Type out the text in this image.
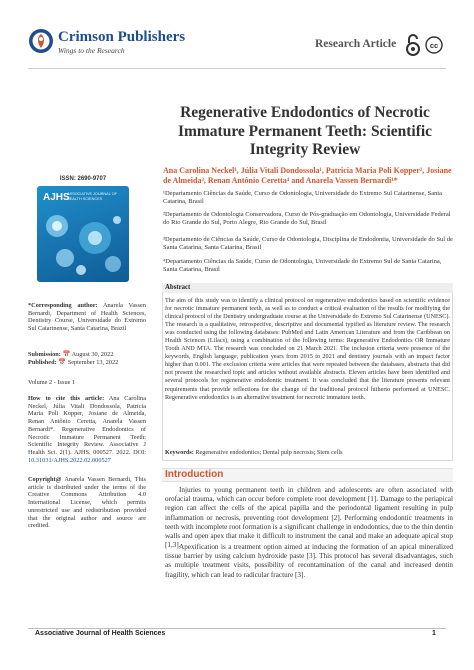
Crimson Publishers
Wings to the Research
Research Article	cc
Regenerative Endodontics of Necrotic Immature Permanent Teeth: Scientific Integrity Review
Ana Carolina Neckel¹, Júlia Vitali Dondossola¹, Patricia Maria Poli Kopper², Josiane de Almeida³, Renan Antônio Ceretta⁴ and Anarela Vassen Bernardi¹*
¹Departamento Ciências da Saúde, Curso de Odontologia, Universidade do Extremo Sul Catarinense, Santa Catarina, Brasil
²Departamento de Odontologia Conservadora, Curso de Pós-graduação em Odontologia, Universidade Federal do Rio Grande do Sul, Porto Alegre, Rio Grande do Sul, Brasil
³Departamento de Ciências da Saúde, Curso de Odontologia, Disciplina de Endodontia, Universidade do Sul de Santa Catarina, Santa Catarina, Brasil
⁴Departamento Ciências da Saúde, Curso de Odontologia, Universidade do Extremo Sul de Santa Catarina, Santa Catarina, Brasil
ISSN: 2690-9707
AJHS
ASSOCIATIVE JOURNAL OF HEALTH SCIENCES
*Corresponding author: Anarela Vassen Bernardi, Department of Health Sciences, Dentistry Course, Universidade do Extremo Sul Catarinense, Santa Catarina, Brazil
Submission: 📅 August 30, 2022
Published: 📅 September 13, 2022
Volume 2 - Issue 1
How to cite this article: Ana Carolina Neckel, Júlia Vitali Dondossola, Patricia Maria Poli Kopper, Josiane de Almeida, Renan Antônio Ceretta, Anarela Vassen Bernardi*. Regenerative Endodontics of Necrotic Immature Permanent Teeth: Scientific Integrity Review. Associative J Health Sci. 2(1). AJHS. 000527. 2022. DOI: 10.31031/AJHS.2022.02.000527
Copyright@ Anarela Vassen Bernardi, This article is distributed under the terms of the Creative Commons Attribution 4.0 International License, which permits unrestricted use and redistribution provided that the original author and source are credited.
Abstract

The aim of this study was to identify a clinical protocol on regenerative endodontics based on scientific evidence for necrotic immature permanent teeth, as well as to conduct a critical evaluation of the results for modifying the clinical protocol of the Dentistry undergraduate course at the Universidade do Extremo Sul Catarinense (UNESC). The research is a qualitative, retrospective, descriptive and documental typified as literature review. The research was conducted using the following databases: PubMed and Latin American Literature and from the Caribbean on Health Sciences (Lilacs), using a combination of the following terms: Regenerative Endodontics OR Immature Tooth AND MTA. The research was concluded on 21 March 2021. The inclusion criteria were presence of the keywords, English language, publication years from 2015 to 2021 and dentistry journals with an impact factor higher than 0.001. The exclusion criteria were articles that were repeated between the databases, abstracts that did not present the researched topic and articles without available abstracts. Eleven articles have been identified and several protocols for regenerative endodontic treatment. It was concluded that the literature presents relevant requirements that provide reflections for the change of the traditional protocol hitherto performed at UNESC. Regenerative endodontics is an alternative treatment for necrotic immature teeth.

Keywords: Regenerative endodontics; Dental pulp necrosis; Stem cells
Introduction

Injuries to young permanent teeth in children and adolescents are often associated with orofacial trauma, which can occur before complete root development [1]. Damage to the periapical region can affect the cells of the apical papilla and the periodontal ligament resulting in pulp inflammation or necrosis, preventing root development [2]. Performing endodontic treatments in teeth with incomplete root formation is a significant challenge in endodontics, due to the thin dentin walls and open apex that make it difficult to instrument the canal and make an adequate apical stop [1,3].

Apexification is a treatment option aimed at inducing the formation of an apical mineralized tissue barrier by using calcium hydroxide paste [3]. This protocol has several disadvantages, such as multiple treatment visits, possibility of recontamination of the canal and increased dentin fragility, which can lead to radicular fracture [3].

Associative Journal of Health Sciences	1
